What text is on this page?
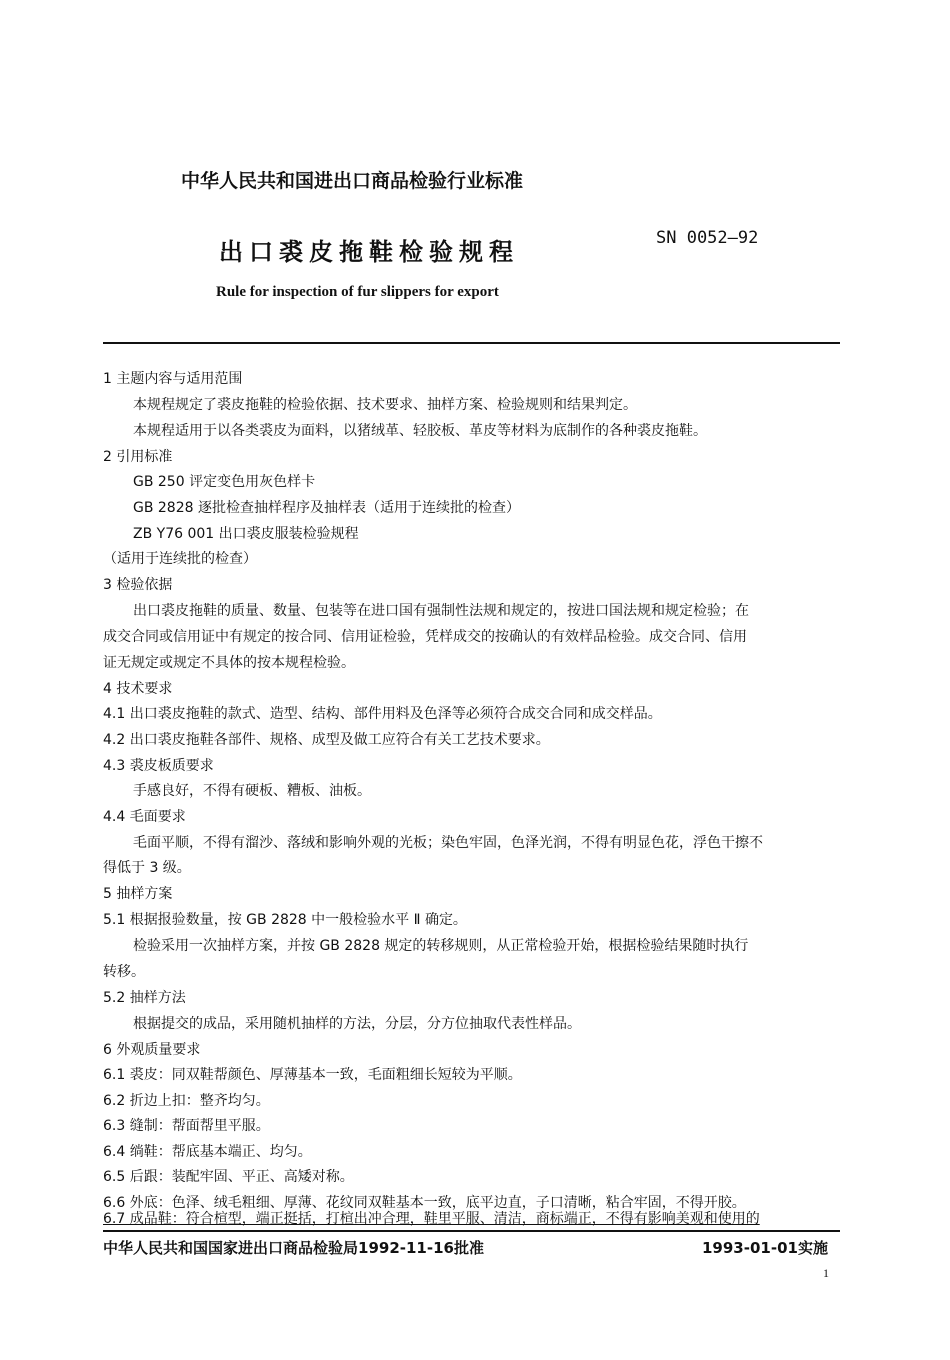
中华人民共和国进出口商品检验行业标准
出口裘皮拖鞋检验规程	SN 0052—92
Rule for inspection of fur slippers for export
1 主题内容与适用范围
本规程规定了裘皮拖鞋的检验依据、技术要求、抽样方案、检验规则和结果判定。
本规程适用于以各类裘皮为面料，以猪绒革、轻胶板、革皮等材料为底制作的各种裘皮拖鞋。
2 引用标准
GB 250 评定变色用灰色样卡
GB 2828 逐批检查抽样程序及抽样表（适用于连续批的检查）
ZB Y76 001 出口裘皮服装检验规程
（适用于连续批的检查）
3 检验依据
出口裘皮拖鞋的质量、数量、包装等在进口国有强制性法规和规定的，按进口国法规和规定检验；在
成交合同或信用证中有规定的按合同、信用证检验，凭样成交的按确认的有效样品检验。成交合同、信用
证无规定或规定不具体的按本规程检验。
4 技术要求
4.1 出口裘皮拖鞋的款式、造型、结构、部件用料及色泽等必须符合成交合同和成交样品。
4.2 出口裘皮拖鞋各部件、规格、成型及做工应符合有关工艺技术要求。
4.3 裘皮板质要求
手感良好，不得有硬板、糟板、油板。
4.4 毛面要求
毛面平顺，不得有溜沙、落绒和影响外观的光板；染色牢固，色泽光润，不得有明显色花，浮色干擦不
得低于 3 级。
5 抽样方案
5.1 根据报验数量，按 GB 2828 中一般检验水平 Ⅱ 确定。
检验采用一次抽样方案，并按 GB 2828 规定的转移规则，从正常检验开始，根据检验结果随时执行
转移。
5.2 抽样方法
根据提交的成品，采用随机抽样的方法，分层，分方位抽取代表性样品。
6 外观质量要求
6.1 裘皮：同双鞋帮颜色、厚薄基本一致，毛面粗细长短较为平顺。
6.2 折边上扣：整齐均匀。
6.3 缝制：帮面帮里平服。
6.4 绱鞋：帮底基本端正、均匀。
6.5 后跟：装配牢固、平正、高矮对称。
6.6 外底：色泽、绒毛粗细、厚薄、花纹同双鞋基本一致，底平边直，子口清晰，粘合牢固，不得开胶。
6.7 成品鞋：符合楦型，端正挺括，打楦出冲合理，鞋里平服、清洁，商标端正，不得有影响美观和使用的
中华人民共和国国家进出口商品检验局1992-11-16批准	1993-01-01实施
1
